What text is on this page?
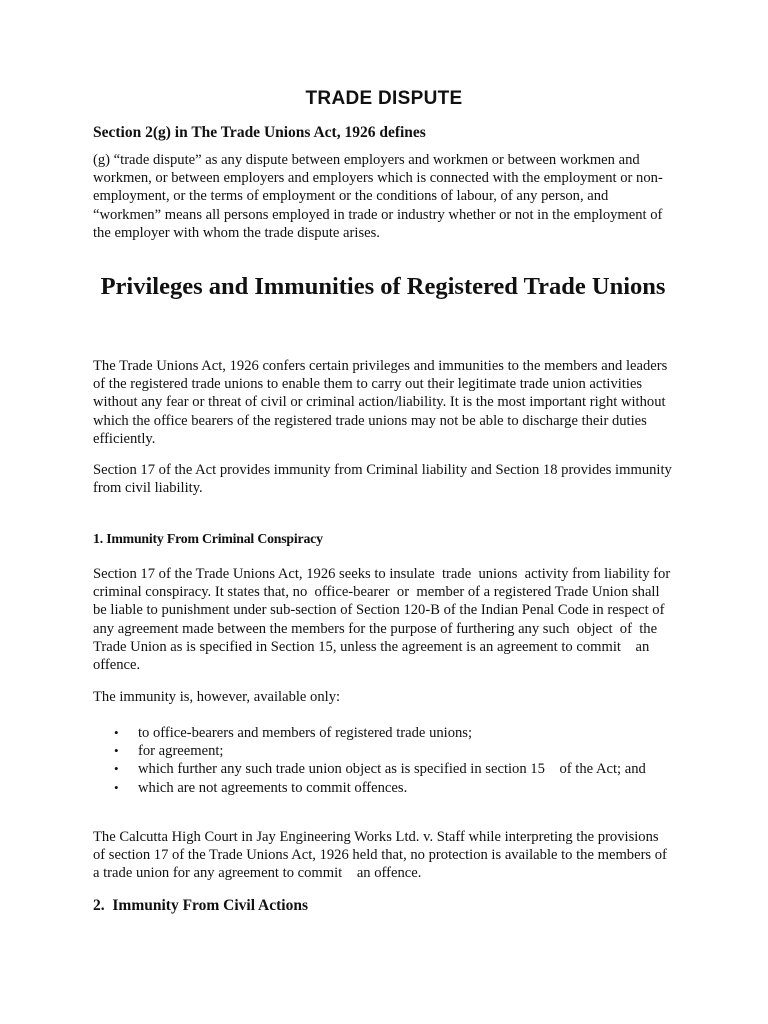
TRADE DISPUTE

Section 2(g) in The Trade Unions Act, 1926 defines

(g) “trade dispute” as any dispute between employers and workmen or between workmen and workmen, or between employers and employers which is connected with the employment or non-employment, or the terms of employment or the conditions of labour, of any person, and “workmen” means all persons employed in trade or industry whether or not in the employment of the employer with whom the trade dispute arises.

Privileges and Immunities of Registered Trade Unions

The Trade Unions Act, 1926 confers certain privileges and immunities to the members and leaders of the registered trade unions to enable them to carry out their legitimate trade union activities without any fear or threat of civil or criminal action/liability. It is the most important right without which the office bearers of the registered trade unions may not be able to discharge their duties efficiently.

Section 17 of the Act provides immunity from Criminal liability and Section 18 provides immunity from civil liability.

1. Immunity From Criminal Conspiracy

Section 17 of the Trade Unions Act, 1926 seeks to insulate  trade  unions  activity from liability for criminal conspiracy. It states that, no  office-bearer  or  member of a registered Trade Union shall be liable to punishment under sub-section of Section 120-B of the Indian Penal Code in respect of any agreement made between the members for the purpose of furthering any such  object  of  the  Trade Union as is specified in Section 15, unless the agreement is an agreement to commit    an offence.

The immunity is, however, available only:

• to office-bearers and members of registered trade unions;
• for agreement;
• which further any such trade union object as is specified in section 15    of the Act; and
• which are not agreements to commit offences.

The Calcutta High Court in Jay Engineering Works Ltd. v. Staff while interpreting the provisions of section 17 of the Trade Unions Act, 1926 held that, no protection is available to the members of a trade union for any agreement to commit    an offence.

2.  Immunity From Civil Actions
